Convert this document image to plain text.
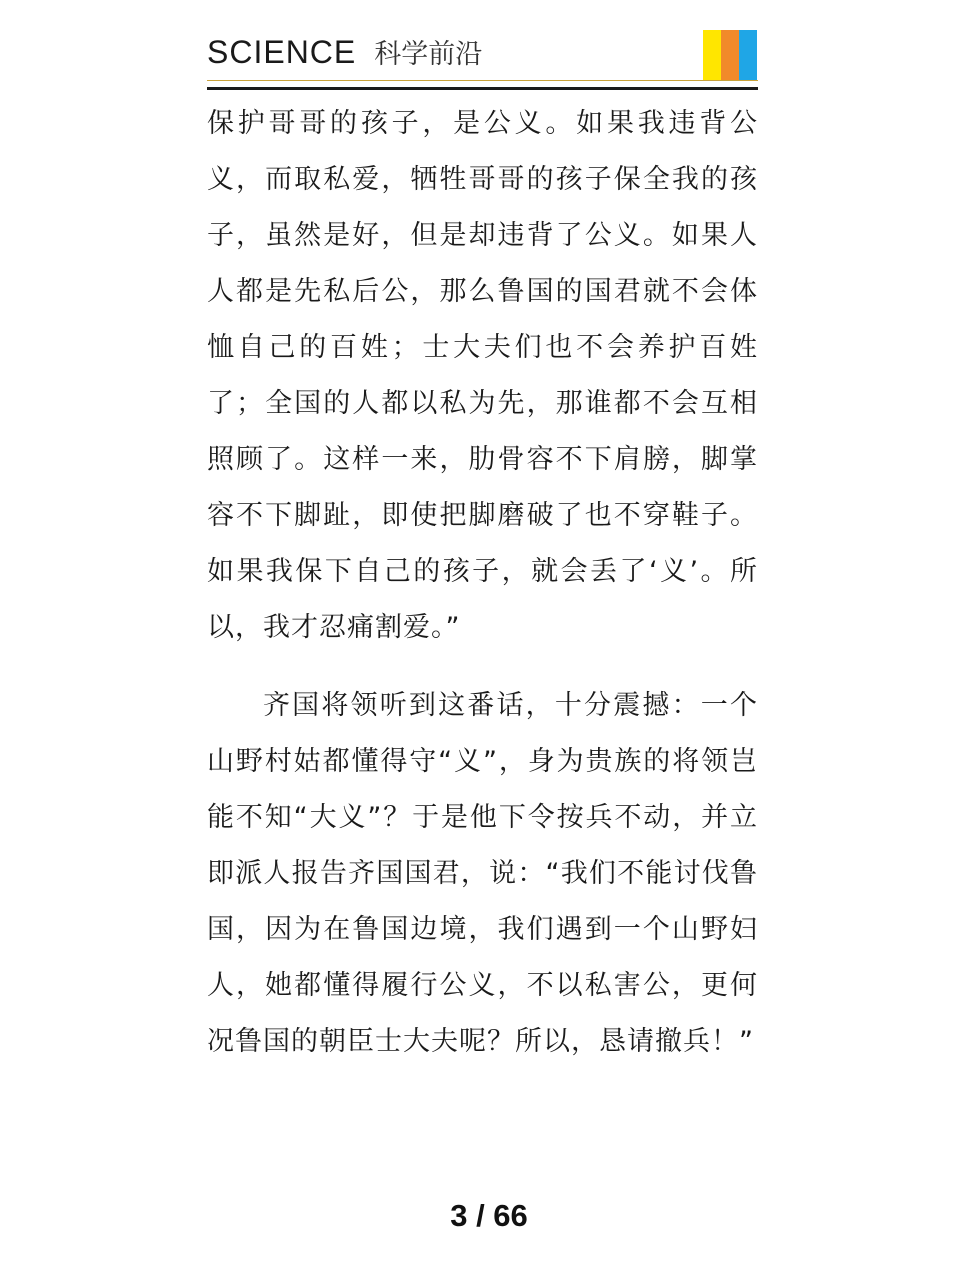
SCIENCE 科学前沿

保护哥哥的孩子，是公义。如果我违背公义，而取私爱，牺牲哥哥的孩子保全我的孩子，虽然是好，但是却违背了公义。如果人人都是先私后公，那么鲁国的国君就不会体恤自己的百姓；士大夫们也不会养护百姓了；全国的人都以私为先，那谁都不会互相照顾了。这样一来，肋骨容不下肩膀，脚掌容不下脚趾，即使把脚磨破了也不穿鞋子。如果我保下自己的孩子，就会丢了‘义’。所以，我才忍痛割爱。”

齐国将领听到这番话，十分震撼：一个山野村姑都懂得守“义”，身为贵族的将领岂能不知“大义”？于是他下令按兵不动，并立即派人报告齐国国君，说：“我们不能讨伐鲁国，因为在鲁国边境，我们遇到一个山野妇人，她都懂得履行公义，不以私害公，更何况鲁国的朝臣士大夫呢？所以，恳请撤兵！”

3 / 66
